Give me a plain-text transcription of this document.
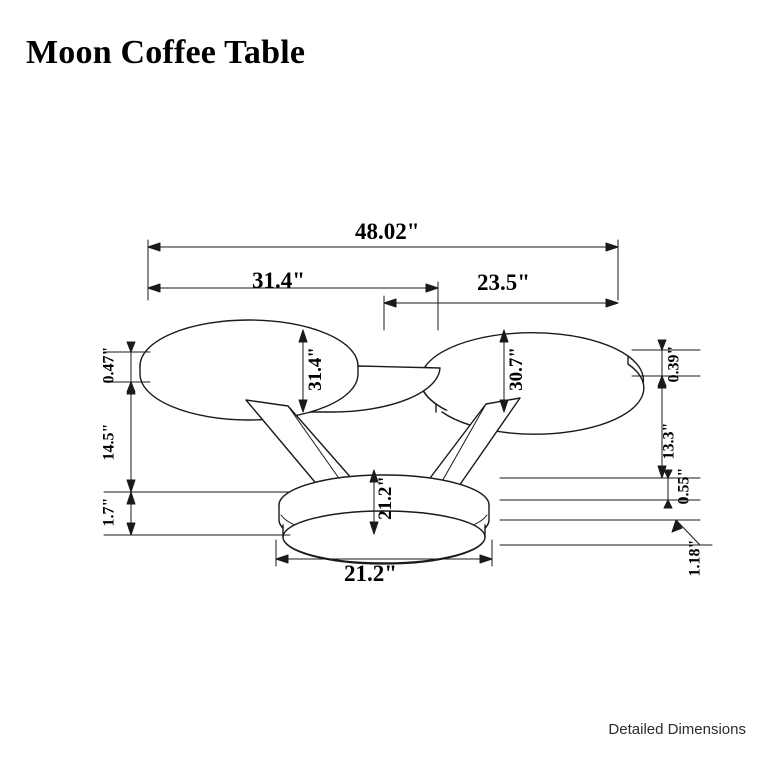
Moon Coffee Table
48.02"
31.4"	23.5"
31.4"	30.7"
21.2"
21.2"
0.47"
14.5"
1.7"
0.39"
13.3"
0.55"
1.18"
Detailed Dimensions
